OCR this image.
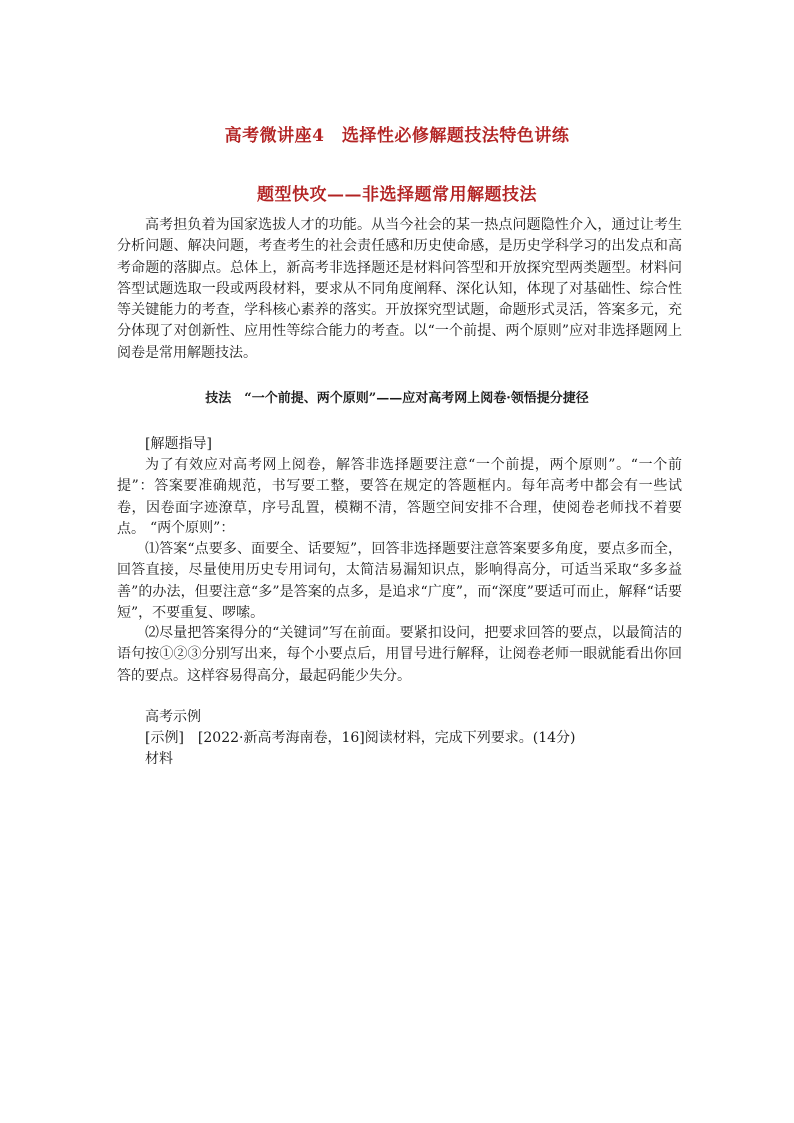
高考微讲座4　选择性必修解题技法特色讲练
题型快攻——非选择题常用解题技法

高考担负着为国家选拔人才的功能。从当今社会的某一热点问题隐性介入，通过让考生分析问题、解决问题，考查考生的社会责任感和历史使命感，是历史学科学习的出发点和高考命题的落脚点。总体上，新高考非选择题还是材料问答型和开放探究型两类题型。材料问答型试题选取一段或两段材料，要求从不同角度阐释、深化认知，体现了对基础性、综合性等关键能力的考查，学科核心素养的落实。开放探究型试题，命题形式灵活，答案多元，充分体现了对创新性、应用性等综合能力的考查。以“一个前提、两个原则”应对非选择题网上阅卷是常用解题技法。

技法　“一个前提、两个原则”——应对高考网上阅卷·领悟提分捷径

[解题指导]

为了有效应对高考网上阅卷，解答非选择题要注意“一个前提，两个原则”。“一个前提”：答案要准确规范，书写要工整，要答在规定的答题框内。每年高考中都会有一些试卷，因卷面字迹潦草，序号乱置，模糊不清，答题空间安排不合理，使阅卷老师找不着要点。 “两个原则”：

⑴答案“点要多、面要全、话要短”，回答非选择题要注意答案要多角度，要点多而全，回答直接，尽量使用历史专用词句，太简洁易漏知识点，影响得高分，可适当采取“多多益善”的办法，但要注意“多”是答案的点多，是追求“广度”，而“深度”要适可而止，解释“话要短”，不要重复、啰嗦。

⑵尽量把答案得分的“关键词”写在前面。要紧扣设问，把要求回答的要点，以最简洁的语句按①②③分别写出来，每个小要点后，用冒号进行解释，让阅卷老师一眼就能看出你回答的要点。这样容易得高分，最起码能少失分。

高考示例

[示例]　[2022·新高考海南卷，16]阅读材料，完成下列要求。(14分)

材料
